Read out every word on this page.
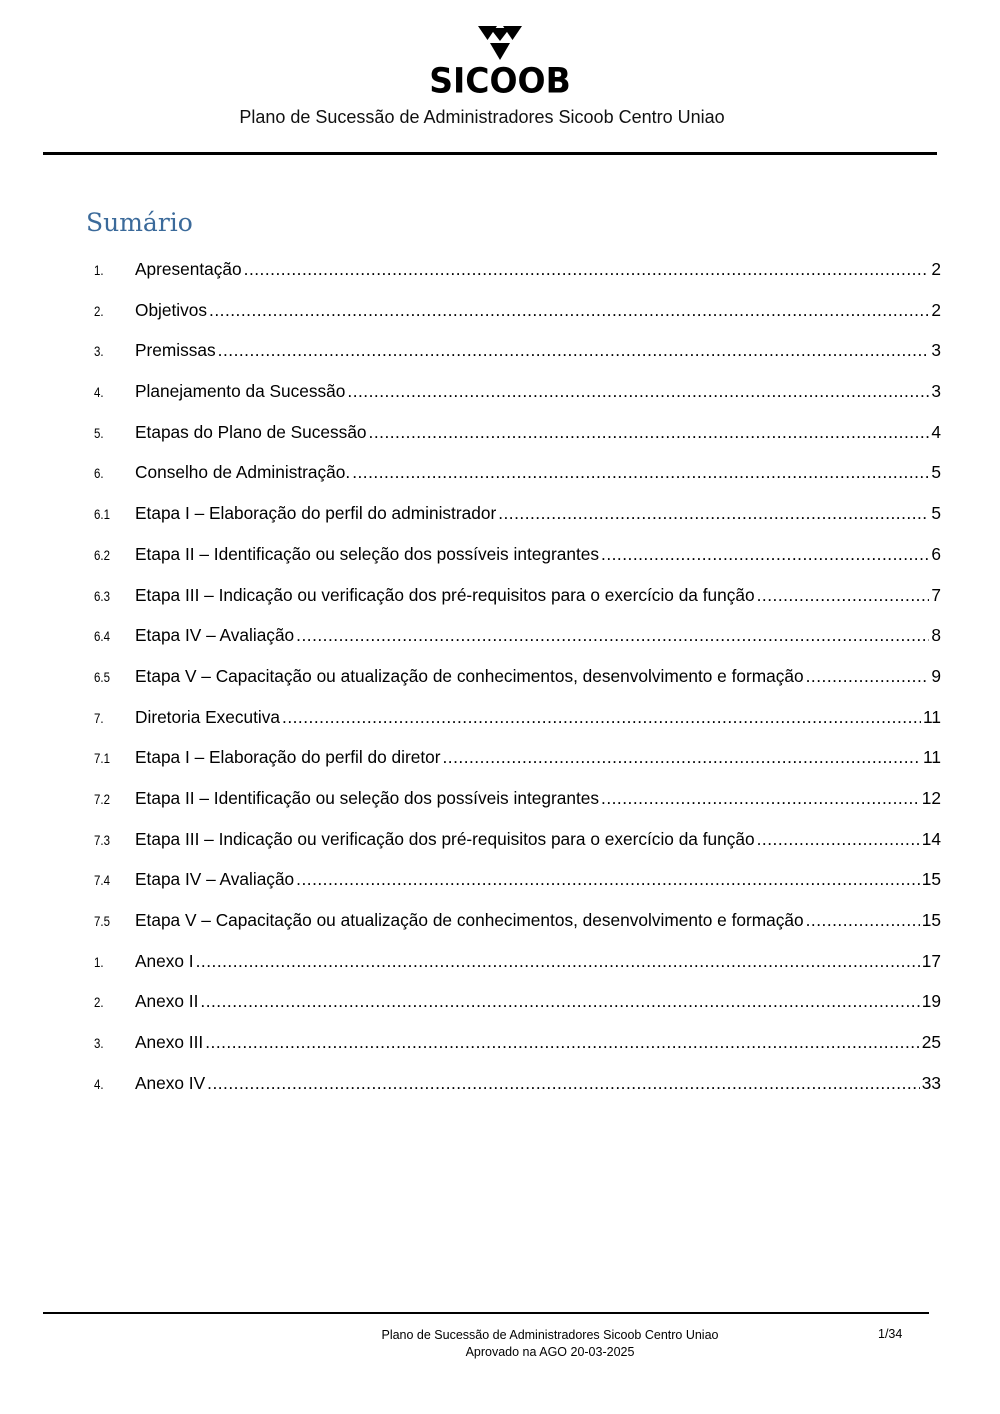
SICOOB
Plano de Sucessão de Administradores Sicoob Centro Uniao
Sumário
1.	Apresentação .....	2
2.	Objetivos .....	2
3.	Premissas .....	3
4.	Planejamento da Sucessão .....	3
5.	Etapas do Plano de Sucessão .....	4
6.	Conselho de Administração. .....	5
6.1	Etapa I – Elaboração do perfil do administrador .....	5
6.2	Etapa II – Identificação ou seleção dos possíveis integrantes .....	6
6.3	Etapa III – Indicação ou verificação dos pré-requisitos para o exercício da função .....	7
6.4	Etapa IV – Avaliação .....	8
6.5	Etapa V – Capacitação ou atualização de conhecimentos, desenvolvimento e formação .....	9
7.	Diretoria Executiva .....	11
7.1	Etapa I – Elaboração do perfil do diretor .....	11
7.2	Etapa II – Identificação ou seleção dos possíveis integrantes .....	12
7.3	Etapa III – Indicação ou verificação dos pré-requisitos para o exercício da função .....	14
7.4	Etapa IV – Avaliação .....	15
7.5	Etapa V – Capacitação ou atualização de conhecimentos, desenvolvimento e formação .....	15
1.	Anexo I .....	17
2.	Anexo II .....	19
3.	Anexo III .....	25
4.	Anexo IV .....	33
Plano de Sucessão de Administradores Sicoob Centro Uniao
Aprovado na AGO 20-03-2025
1/34
